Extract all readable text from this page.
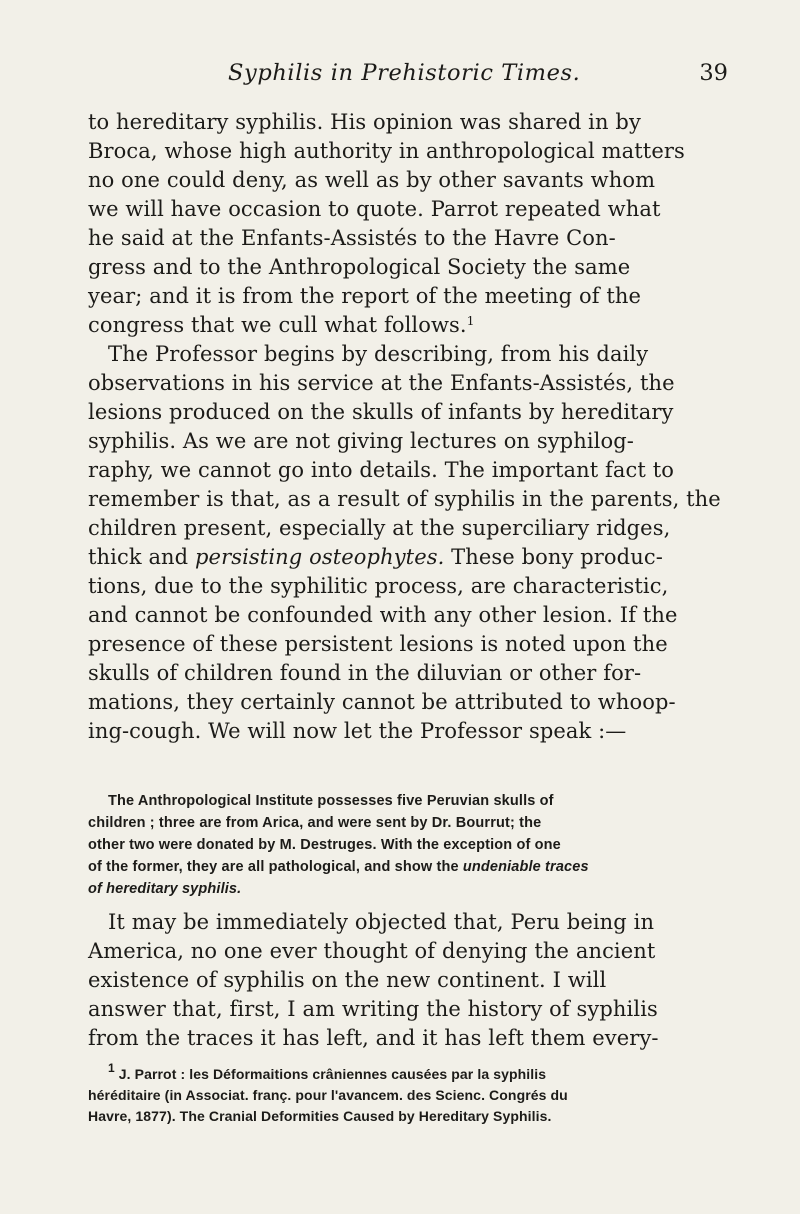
Syphilis in Prehistoric Times.	39
to hereditary syphilis. His opinion was shared in by
Broca, whose high authority in anthropological matters
no one could deny, as well as by other savants whom
we will have occasion to quote. Parrot repeated what
he said at the Enfants-Assistés to the Havre Con-
gress and to the Anthropological Society the same
year; and it is from the report of the meeting of the
congress that we cull what follows.$^1$
The Professor begins by describing, from his daily
observations in his service at the Enfants-Assistés, the
lesions produced on the skulls of infants by hereditary
syphilis. As we are not giving lectures on syphilog-
raphy, we cannot go into details. The important fact to
remember is that, as a result of syphilis in the parents, the
children present, especially at the superciliary ridges,
thick and persisting osteophytes. These bony produc-
tions, due to the syphilitic process, are characteristic,
and cannot be confounded with any other lesion. If the
presence of these persistent lesions is noted upon the
skulls of children found in the diluvian or other for-
mations, they certainly cannot be attributed to whoop-
ing-cough. We will now let the Professor speak :—
The Anthropological Institute possesses five Peruvian skulls of
children ; three are from Arica, and were sent by Dr. Bourrut; the
other two were donated by M. Destruges. With the exception of one
of the former, they are all pathological, and show the undeniable traces
of hereditary syphilis.
It may be immediately objected that, Peru being in
America, no one ever thought of denying the ancient
existence of syphilis on the new continent. I will
answer that, first, I am writing the history of syphilis
from the traces it has left, and it has left them every-
$^1$ J. Parrot : les Déformaitions crâniennes causées par la syphilis
héréditaire (in Associat. franç. pour l'avancem. des Scienc. Congrés du
Havre, 1877). The Cranial Deformities Caused by Hereditary Syphilis.
